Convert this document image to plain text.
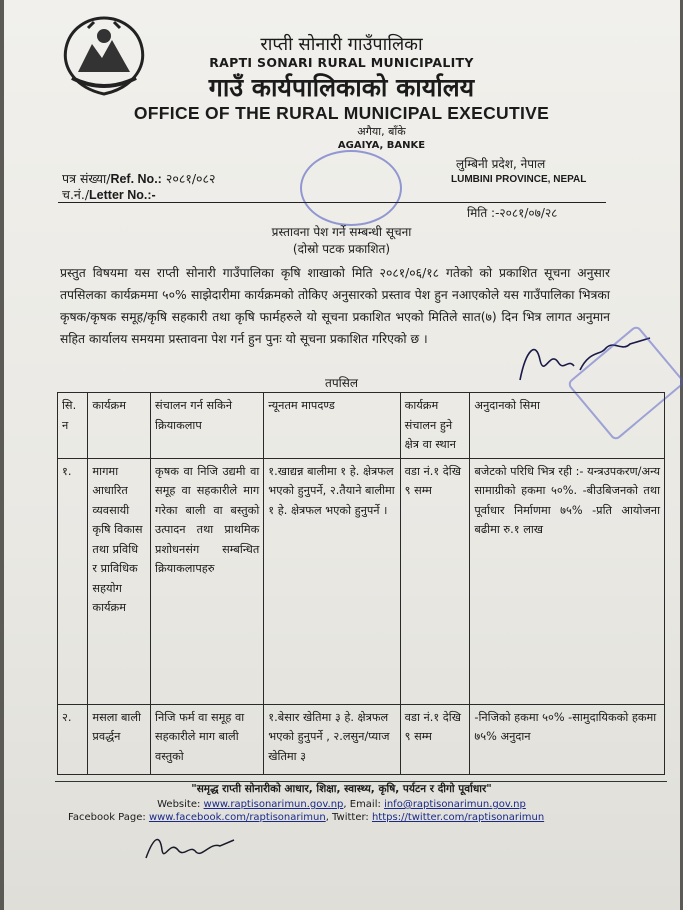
राप्ती सोनारी गाउँपालिका
RAPTI SONARI RURAL MUNICIPALITY
गाउँ कार्यपालिकाको कार्यालय
OFFICE OF THE RURAL MUNICIPAL EXECUTIVE
अगैया, बाँके
AGAIYA, BANKE
लुम्बिनी प्रदेश, नेपाल
LUMBINI PROVINCE, NEPAL
पत्र संख्या/Ref. No.: २०८१/०८२
च.नं./Letter No.:-
मिति :-२०८१/०७/२८
प्रस्तावना पेश गर्ने सम्बन्धी सूचना
(दोस्रो पटक प्रकाशित)
प्रस्तुत विषयमा यस राप्ती सोनारी गाउँपालिका कृषि शाखाको मिति २०८१/०६/१८ गतेको को प्रकाशित सूचना अनुसार तपसिलका कार्यक्रममा ५०% साझेदारीमा कार्यक्रमको तोकिए अनुसारको प्रस्ताव पेश हुन नआएकोले यस गाउँपालिका भित्रका कृषक/कृषक समूह/कृषि सहकारी तथा कृषि फार्महरुले यो सूचना प्रकाशित भएको मितिले सात(७) दिन भित्र लागत अनुमान सहित कार्यालय समयमा प्रस्तावना पेश गर्न हुन पुनः यो सूचना प्रकाशित गरिएको छ ।
तपसिल
सि. न	कार्यक्रम	संचालन गर्न सकिने क्रियाकलाप	न्यूनतम मापदण्ड	कार्यक्रम संचालन हुने क्षेत्र वा स्थान	अनुदानको सिमा
१.	मागमा आधारित व्यवसायी कृषि विकास तथा प्रविधि र प्राविधिक सहयोग कार्यक्रम	कृषक वा निजि उद्यमी वा समूह वा सहकारीले माग गरेका बाली वा बस्तुको उत्पादन तथा प्राथमिक प्रशोधनसंग सम्बन्धित क्रियाकलापहरु	१.खाद्यन्न बालीमा १ हे. क्षेत्रफल भएको हुनुपर्ने, २.तैयाने बालीमा १ हे. क्षेत्रफल भएको हुनुपर्ने ।	वडा नं.१ देखि ९ सम्म	बजेटको परिधि भित्र रही :- यन्त्रउपकरण/अन्य सामाग्रीको हकमा ५०%. -बीउबिजनको तथा पूर्वाधार निर्माणमा ७५% -प्रति आयोजना बढीमा रु.१ लाख
२.	मसला बाली प्रवर्द्धन	निजि फर्म वा समूह वा सहकारीले माग बाली वस्तुको	१.बेसार खेतिमा ३ हे. क्षेत्रफल भएको हुनुपर्ने , २.लसुन/प्याज खेतिमा ३	वडा नं.१ देखि ९ सम्म	-निजिको हकमा ५०% -सामुदायिकको हकमा ७५% अनुदान
"समृद्ध राप्ती सोनारीको आधार, शिक्षा, स्वास्थ्य, कृषि, पर्यटन र दीगो पूर्वाधार"
Website: www.raptisonarimun.gov.np, Email: info@raptisonarimun.gov.np
Facebook Page: www.facebook.com/raptisonarimun, Twitter: https://twitter.com/raptisonarimun
